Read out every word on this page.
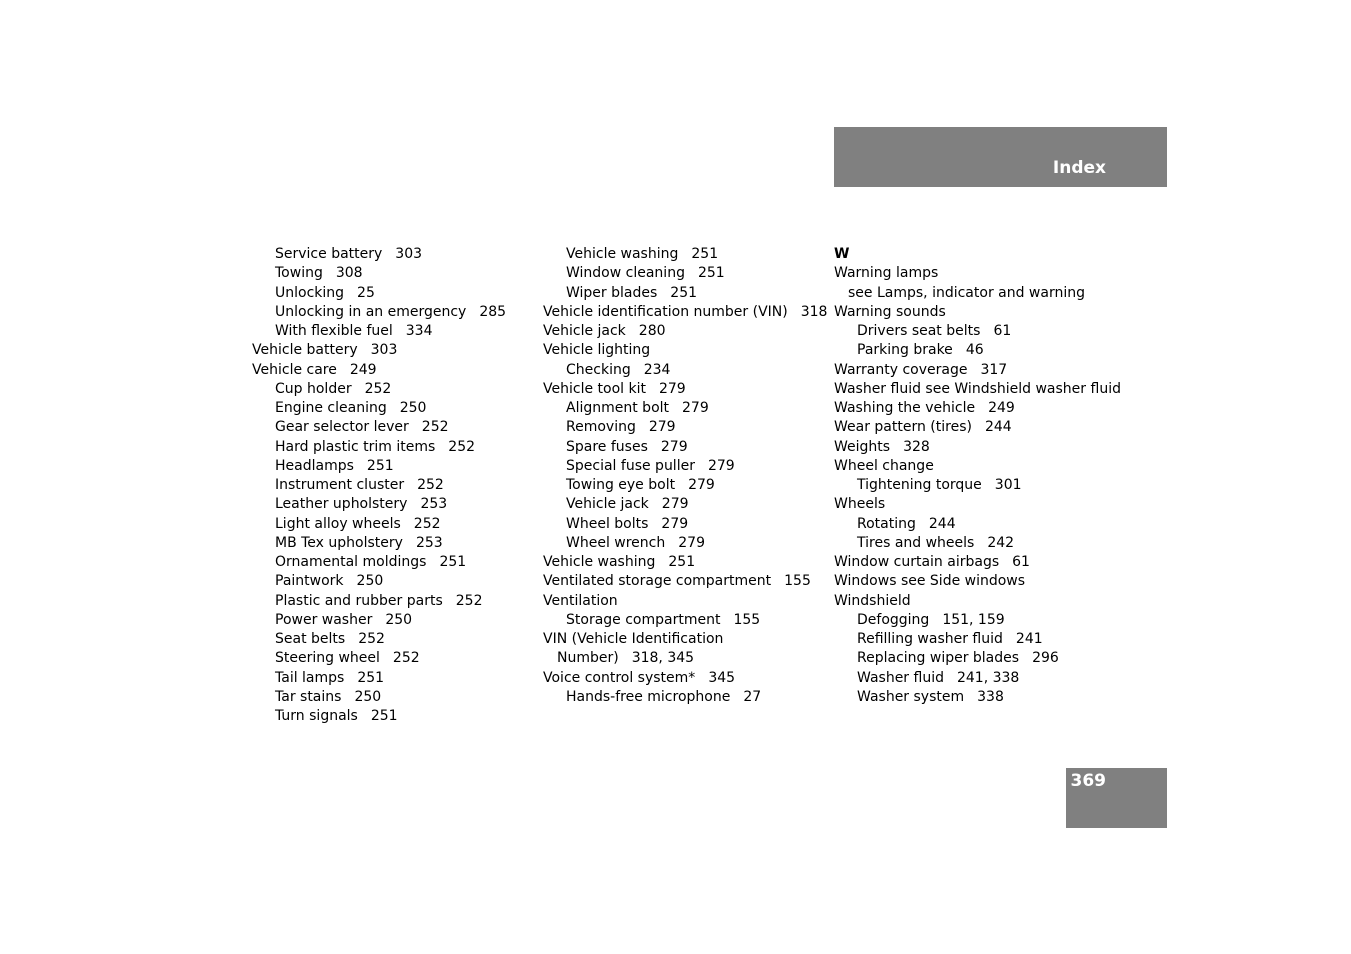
Index
Service battery 303
Towing 308
Unlocking 25
Unlocking in an emergency 285
With flexible fuel 334
Vehicle battery 303
Vehicle care 249
Cup holder 252
Engine cleaning 250
Gear selector lever 252
Hard plastic trim items 252
Headlamps 251
Instrument cluster 252
Leather upholstery 253
Light alloy wheels 252
MB Tex upholstery 253
Ornamental moldings 251
Paintwork 250
Plastic and rubber parts 252
Power washer 250
Seat belts 252
Steering wheel 252
Tail lamps 251
Tar stains 250
Turn signals 251
Vehicle washing 251
Window cleaning 251
Wiper blades 251
Vehicle identification number (VIN) 318
Vehicle jack 280
Vehicle lighting
Checking 234
Vehicle tool kit 279
Alignment bolt 279
Removing 279
Spare fuses 279
Special fuse puller 279
Towing eye bolt 279
Vehicle jack 279
Wheel bolts 279
Wheel wrench 279
Vehicle washing 251
Ventilated storage compartment 155
Ventilation
Storage compartment 155
VIN (Vehicle Identification
Number) 318, 345
Voice control system* 345
Hands-free microphone 27
W
Warning lamps
see Lamps, indicator and warning
Warning sounds
Drivers seat belts 61
Parking brake 46
Warranty coverage 317
Washer fluid see Windshield washer fluid
Washing the vehicle 249
Wear pattern (tires) 244
Weights 328
Wheel change
Tightening torque 301
Wheels
Rotating 244
Tires and wheels 242
Window curtain airbags 61
Windows see Side windows
Windshield
Defogging 151, 159
Refilling washer fluid 241
Replacing wiper blades 296
Washer fluid 241, 338
Washer system 338
369
